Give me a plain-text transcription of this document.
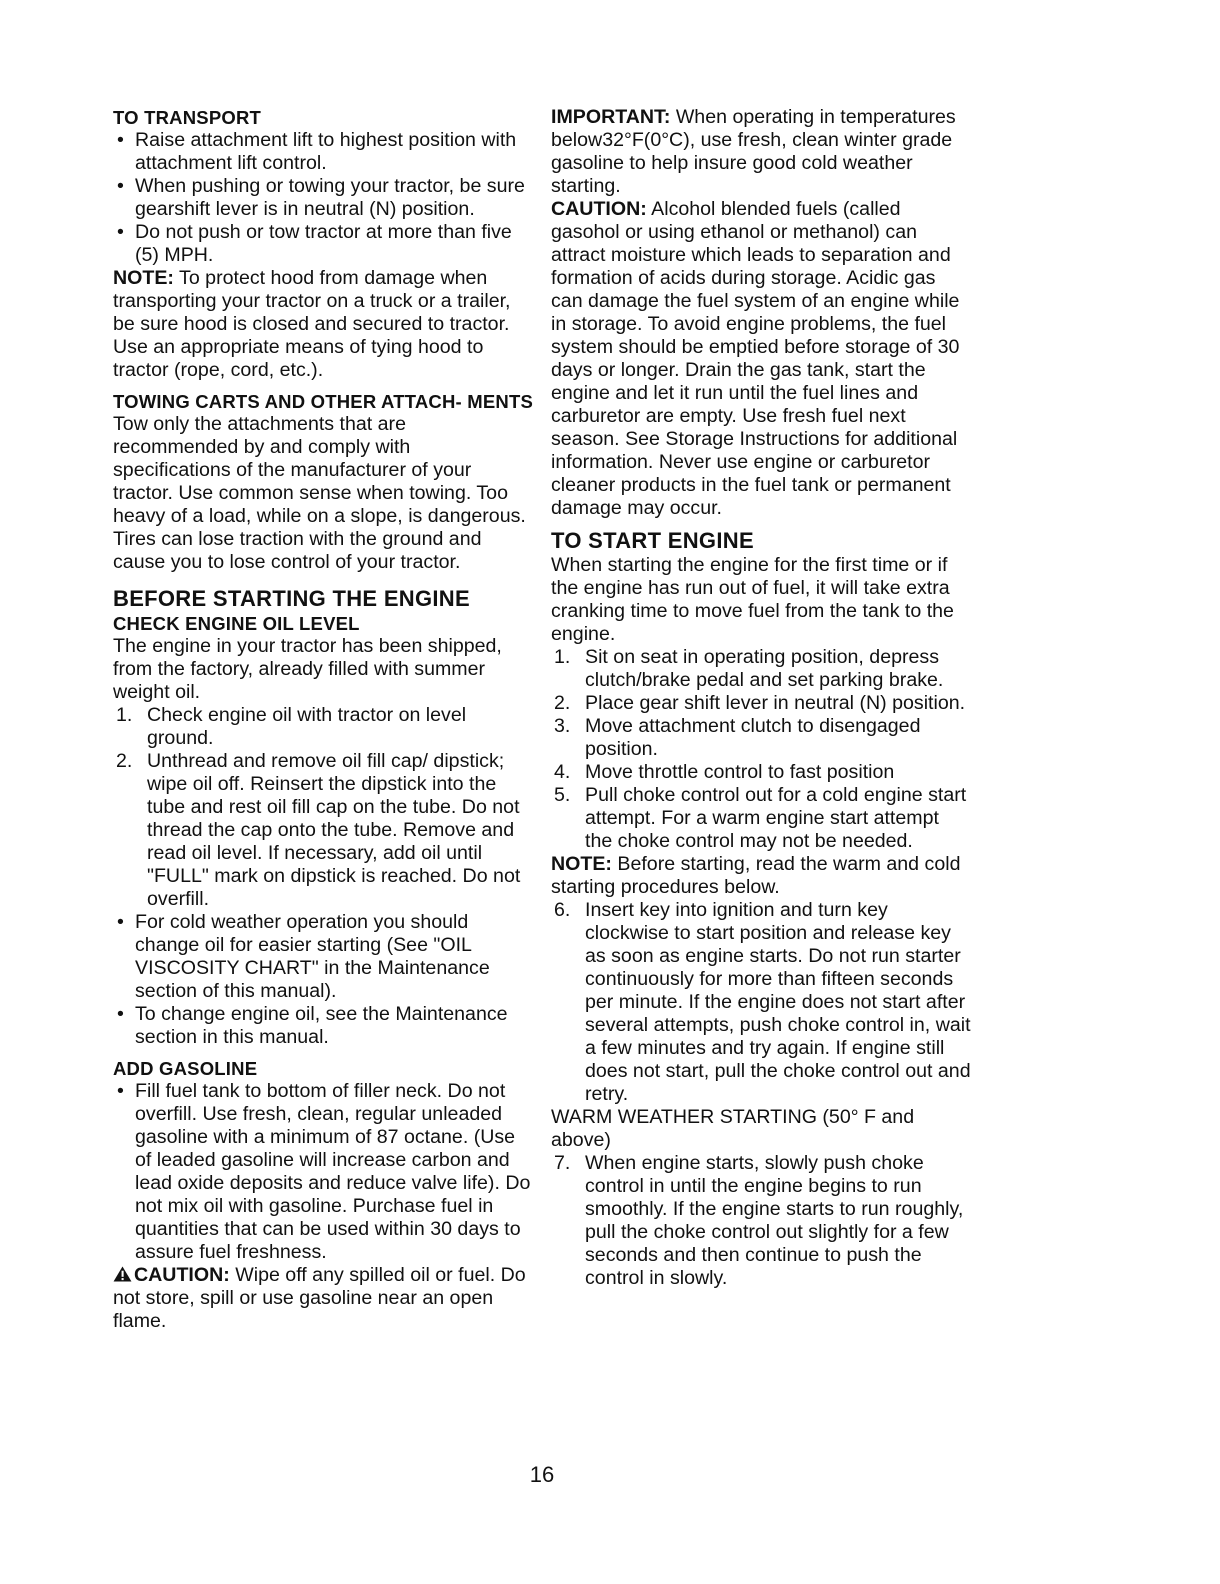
TO TRANSPORT
• Raise attachment lift to highest position with attachment lift control.
• When pushing or towing your tractor, be sure gearshift lever is in neutral (N) position.
• Do not push or tow tractor at more than five (5) MPH.

NOTE: To protect hood from damage when transporting your tractor on a truck or a trailer, be sure hood is closed and secured to tractor. Use an appropriate means of tying hood to tractor (rope, cord, etc.).

TOWING CARTS AND OTHER ATTACH- MENTS

Tow only the attachments that are recommended by and comply with specifications of the manufacturer of your tractor. Use common sense when towing. Too heavy of a load, while on a slope, is dangerous. Tires can lose traction with the ground and cause you to lose control of your tractor.

BEFORE STARTING THE ENGINE
CHECK ENGINE OIL LEVEL

The engine in your tractor has been shipped, from the factory, already filled with summer weight oil.

1. Check engine oil with tractor on level ground.
2. Unthread and remove oil fill cap/ dipstick; wipe oil off. Reinsert the dipstick into the tube and rest oil fill cap on the tube. Do not thread the cap onto the tube. Remove and read oil level. If necessary, add oil until "FULL" mark on dipstick is reached. Do not overfill.
• For cold weather operation you should change oil for easier starting (See "OIL VISCOSITY CHART" in the Maintenance section of this manual).
• To change engine oil, see the Maintenance section in this manual.
ADD GASOLINE
• Fill fuel tank to bottom of filler neck. Do not overfill. Use fresh, clean, regular unleaded gasoline with a minimum of 87 octane. (Use of leaded gasoline will increase carbon and lead oxide deposits and reduce valve life). Do not mix oil with gasoline. Purchase fuel in quantities that can be used within 30 days to assure fuel freshness.

CAUTION: Wipe off any spilled oil or fuel. Do not store, spill or use gasoline near an open flame.

IMPORTANT: When operating in temperatures below32°F(0°C), use fresh, clean winter grade gasoline to help insure good cold weather starting.

CAUTION: Alcohol blended fuels (called gasohol or using ethanol or methanol) can attract moisture which leads to separation and formation of acids during storage. Acidic gas can damage the fuel system of an engine while in storage. To avoid engine problems, the fuel system should be emptied before storage of 30 days or longer. Drain the gas tank, start the engine and let it run until the fuel lines and carburetor are empty. Use fresh fuel next season. See Storage Instructions for additional information. Never use engine or carburetor cleaner products in the fuel tank or permanent damage may occur.

TO START ENGINE

When starting the engine for the first time or if the engine has run out of fuel, it will take extra cranking time to move fuel from the tank to the engine.

1. Sit on seat in operating position, depress clutch/brake pedal and set parking brake.
2. Place gear shift lever in neutral (N) position.
3. Move attachment clutch to disengaged position.
4. Move throttle control to fast position
5. Pull choke control out for a cold engine start attempt. For a warm engine start attempt the choke control may not be needed.

NOTE: Before starting, read the warm and cold starting procedures below.

6. Insert key into ignition and turn key clockwise to start position and release key as soon as engine starts. Do not run starter continuously for more than fifteen seconds per minute. If the engine does not start after several attempts, push choke control in, wait a few minutes and try again. If engine still does not start, pull the choke control out and retry.

WARM WEATHER STARTING (50° F and above)

7. When engine starts, slowly push choke control in until the engine begins to run smoothly. If the engine starts to run roughly, pull the choke control out slightly for a few seconds and then continue to push the control in slowly.
16
